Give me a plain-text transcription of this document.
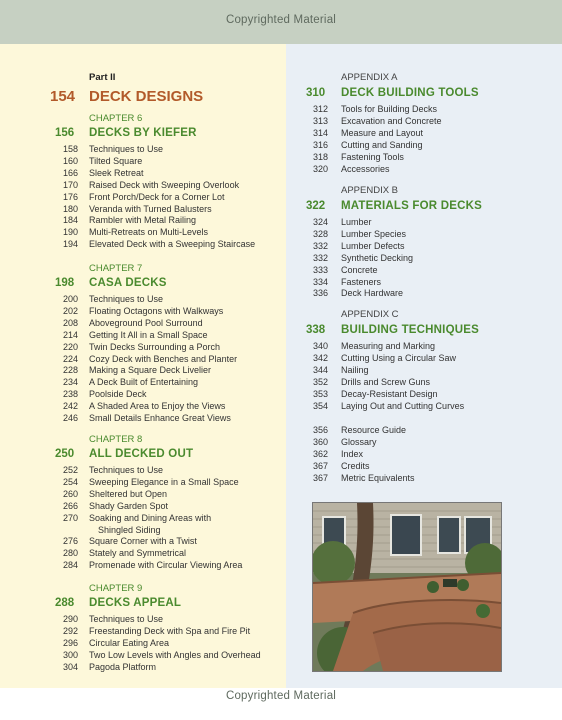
Copyrighted Material
Part II
154 DECK DESIGNS
CHAPTER 6
156 DECKS BY KIEFER
158 Techniques to Use
160 Tilted Square
166 Sleek Retreat
170 Raised Deck with Sweeping Overlook
176 Front Porch/Deck for a Corner Lot
180 Veranda with Turned Balusters
184 Rambler with Metal Railing
190 Multi-Retreats on Multi-Levels
194 Elevated Deck with a Sweeping Staircase
CHAPTER 7
198 CASA DECKS
200 Techniques to Use
202 Floating Octagons with Walkways
208 Aboveground Pool Surround
214 Getting It All in a Small Space
220 Twin Decks Surrounding a Porch
224 Cozy Deck with Benches and Planter
228 Making a Square Deck Livelier
234 A Deck Built of Entertaining
238 Poolside Deck
242 A Shaded Area to Enjoy the Views
246 Small Details Enhance Great Views
CHAPTER 8
250 ALL DECKED OUT
252 Techniques to Use
254 Sweeping Elegance in a Small Space
260 Sheltered but Open
266 Shady Garden Spot
270 Soaking and Dining Areas with
Shingled Siding
276 Square Corner with a Twist
280 Stately and Symmetrical
284 Promenade with Circular Viewing Area
CHAPTER 9
288 DECKS APPEAL
290 Techniques to Use
292 Freestanding Deck with Spa and Fire Pit
296 Circular Eating Area
300 Two Low Levels with Angles and Overhead
304 Pagoda Platform
APPENDIX A
310 DECK BUILDING TOOLS
312 Tools for Building Decks
313 Excavation and Concrete
314 Measure and Layout
316 Cutting and Sanding
318 Fastening Tools
320 Accessories
APPENDIX B
322 MATERIALS FOR DECKS
324 Lumber
328 Lumber Species
332 Lumber Defects
332 Synthetic Decking
333 Concrete
334 Fasteners
336 Deck Hardware
APPENDIX C
338 BUILDING TECHNIQUES
340 Measuring and Marking
342 Cutting Using a Circular Saw
344 Nailing
352 Drills and Screw Guns
353 Decay-Resistant Design
354 Laying Out and Cutting Curves
356 Resource Guide
360 Glossary
362 Index
367 Credits
367 Metric Equivalents
Copyrighted Material
